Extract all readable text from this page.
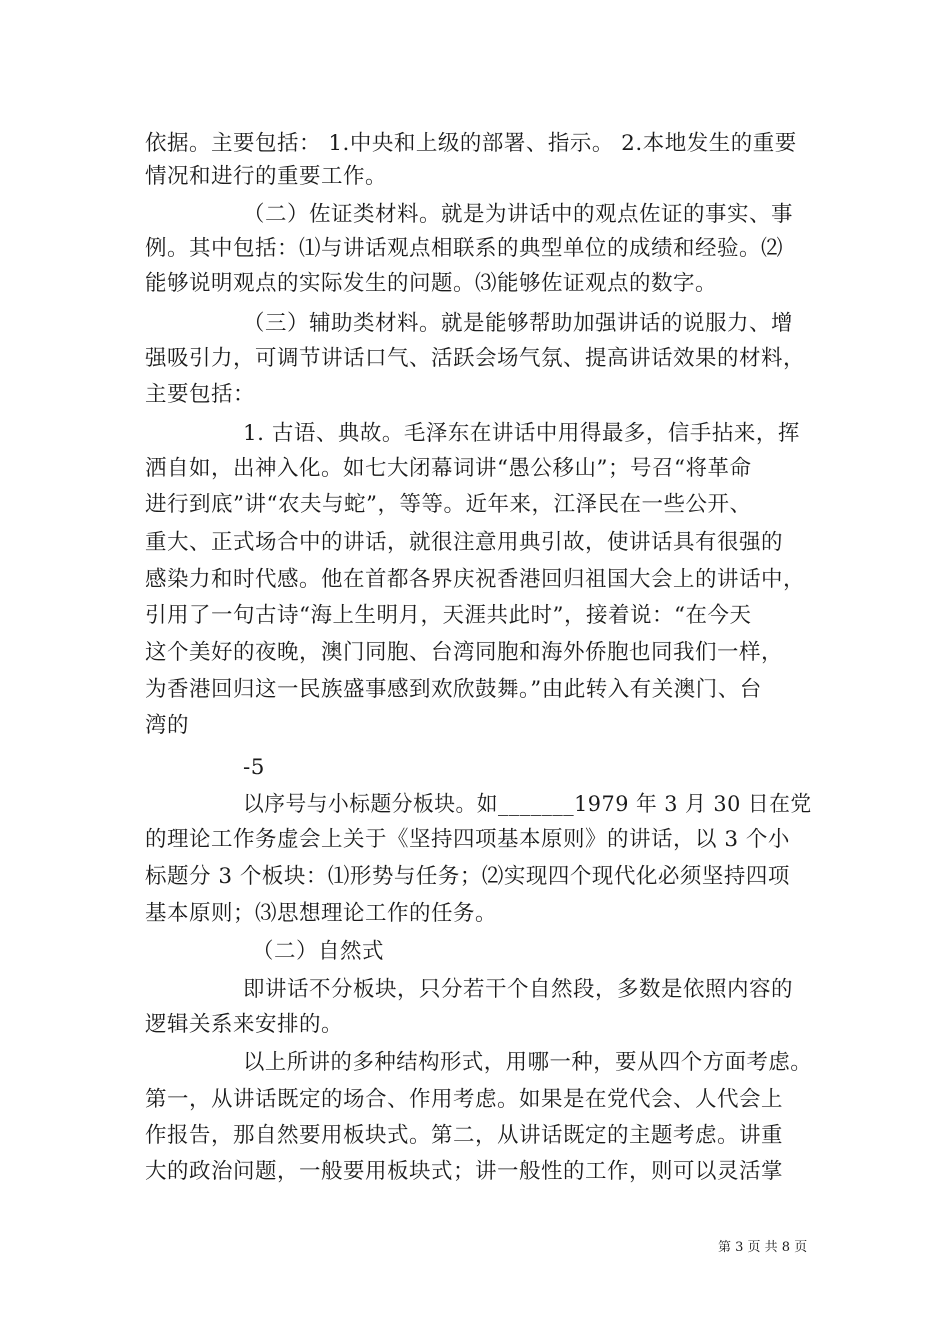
依据。主要包括： 1.中央和上级的部署、指示。 2.本地发生的重要
情况和进行的重要工作。
（二）佐证类材料。就是为讲话中的观点佐证的事实、事
例。其中包括：⑴与讲话观点相联系的典型单位的成绩和经验。⑵
能够说明观点的实际发生的问题。⑶能够佐证观点的数字。
（三）辅助类材料。就是能够帮助加强讲话的说服力、增
强吸引力，可调节讲话口气、活跃会场气氛、提高讲话效果的材料，
主要包括：
1. 古语、典故。毛泽东在讲话中用得最多，信手拈来，挥
洒自如，出神入化。如七大闭幕词讲“愚公移山”；号召“将革命
进行到底”讲“农夫与蛇”，等等。近年来，江泽民在一些公开、
重大、正式场合中的讲话，就很注意用典引故，使讲话具有很强的
感染力和时代感。他在首都各界庆祝香港回归祖国大会上的讲话中，
引用了一句古诗“海上生明月，天涯共此时”，接着说：“在今天
这个美好的夜晚，澳门同胞、台湾同胞和海外侨胞也同我们一样，
为香港回归这一民族盛事感到欢欣鼓舞。”由此转入有关澳门、台
湾的
-5
以序号与小标题分板块。如_______1979 年 3 月 30 日在党
的理论工作务虚会上关于《坚持四项基本原则》的讲话，以 3 个小
标题分 3 个板块：⑴形势与任务；⑵实现四个现代化必须坚持四项
基本原则；⑶思想理论工作的任务。
（二）自然式
即讲话不分板块，只分若干个自然段，多数是依照内容的
逻辑关系来安排的。
以上所讲的多种结构形式，用哪一种，要从四个方面考虑。
第一，从讲话既定的场合、作用考虑。如果是在党代会、人代会上
作报告，那自然要用板块式。第二，从讲话既定的主题考虑。讲重
大的政治问题，一般要用板块式；讲一般性的工作，则可以灵活掌
第 3 页 共 8 页
